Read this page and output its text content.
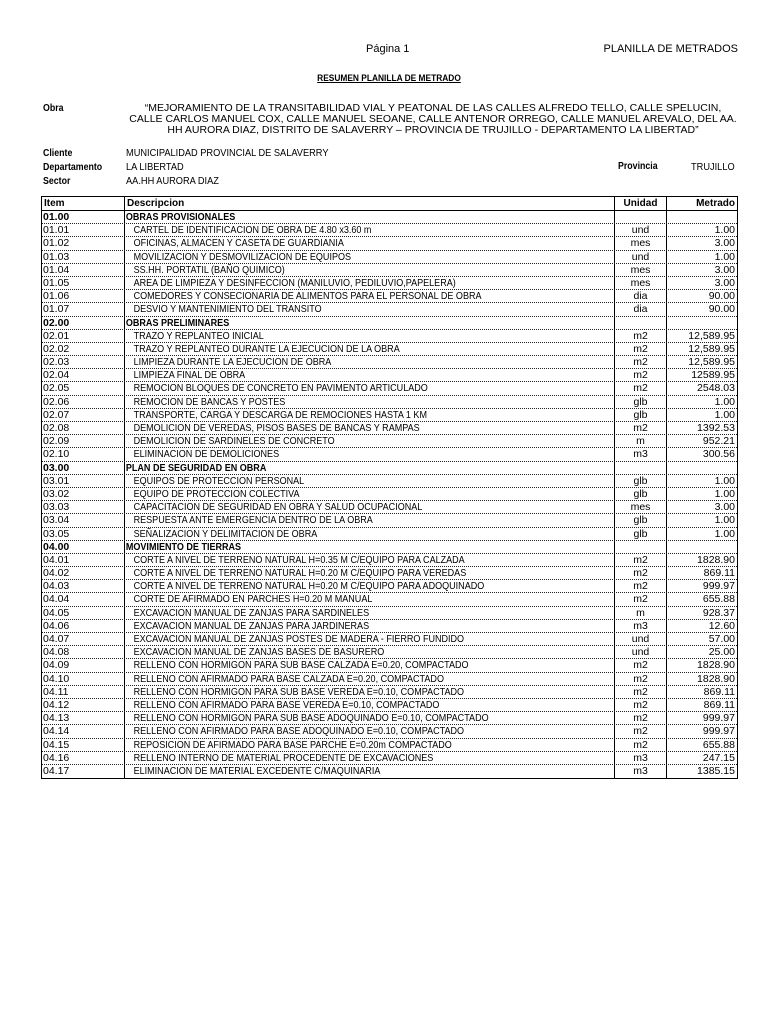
Página 1	PLANILLA DE METRADOS
RESUMEN PLANILLA DE METRADO
Obra	“MEJORAMIENTO DE LA TRANSITABILIDAD VIAL Y PEATONAL DE LAS CALLES ALFREDO TELLO, CALLE SPELUCIN, CALLE CARLOS MANUEL COX, CALLE MANUEL SEOANE, CALLE ANTENOR ORREGO, CALLE MANUEL AREVALO, DEL AA. HH AURORA DIAZ, DISTRITO DE SALAVERRY – PROVINCIA DE TRUJILLO - DEPARTAMENTO LA LIBERTAD”
Cliente	MUNICIPALIDAD PROVINCIAL DE SALAVERRY
Departamento LA LIBERTAD	Provincia	TRUJILLO
Sector	AA.HH AURORA DIAZ
Item	Descripcion	Unidad	Metrado
01.00	OBRAS PROVISIONALES
01.01	CARTEL DE IDENTIFICACION DE OBRA DE 4.80 x3.60 m	und	1.00
01.02	OFICINAS, ALMACEN Y CASETA DE GUARDIANIA	mes	3.00
01.03	MOVILIZACION Y DESMOVILIZACION DE EQUIPOS	und	1.00
01.04	SS.HH. PORTATIL (BAÑO QUIMICO)	mes	3.00
01.05	AREA DE LIMPIEZA Y DESINFECCION (MANILUVIO, PEDILUVIO,PAPELERA)	mes	3.00
01.06	COMEDORES Y CONSECIONARIA DE ALIMENTOS PARA EL PERSONAL DE OBRA	dia	90.00
01.07	DESVIO Y MANTENIMIENTO DEL TRANSITO	dia	90.00
02.00	OBRAS PRELIMINARES
02.01	TRAZO Y REPLANTEO INICIAL	m2	12,589.95
02.02	TRAZO Y REPLANTEO DURANTE LA EJECUCION DE LA OBRA	m2	12,589.95
02.03	LIMPIEZA DURANTE LA EJECUCION DE OBRA	m2	12,589.95
02.04	LIMPIEZA FINAL DE OBRA	m2	12589.95
02.05	REMOCION BLOQUES DE CONCRETO EN PAVIMENTO ARTICULADO	m2	2548.03
02.06	REMOCION DE BANCAS Y POSTES	glb	1.00
02.07	TRANSPORTE, CARGA Y DESCARGA DE REMOCIONES HASTA 1 KM	glb	1.00
02.08	DEMOLICION DE VEREDAS, PISOS BASES DE BANCAS Y RAMPAS	m2	1392.53
02.09	DEMOLICION DE SARDINELES DE CONCRETO	m	952.21
02.10	ELIMINACION DE DEMOLICIONES	m3	300.56
03.00	PLAN DE SEGURIDAD EN OBRA
03.01	EQUIPOS DE PROTECCION PERSONAL	glb	1.00
03.02	EQUIPO DE PROTECCION COLECTIVA	glb	1.00
03.03	CAPACITACION DE SEGURIDAD EN OBRA Y SALUD OCUPACIONAL	mes	3.00
03.04	RESPUESTA ANTE EMERGENCIA DENTRO DE LA OBRA	glb	1.00
03.05	SEÑALIZACION Y DELIMITACION DE OBRA	glb	1.00
04.00	MOVIMIENTO DE TIERRAS
04.01	CORTE A NIVEL DE TERRENO NATURAL H=0.35 M C/EQUIPO PARA CALZADA	m2	1828.90
04.02	CORTE A NIVEL DE TERRENO NATURAL H=0.20 M C/EQUIPO PARA VEREDAS	m2	869.11
04.03	CORTE A NIVEL DE TERRENO NATURAL H=0.20 M C/EQUIPO PARA ADOQUINADO	m2	999.97
04.04	CORTE DE AFIRMADO EN PARCHES H=0.20 M MANUAL	m2	655.88
04.05	EXCAVACION MANUAL DE ZANJAS PARA SARDINELES	m	928.37
04.06	EXCAVACION MANUAL DE ZANJAS PARA JARDINERAS	m3	12.60
04.07	EXCAVACION MANUAL DE ZANJAS POSTES DE MADERA - FIERRO FUNDIDO	und	57.00
04.08	EXCAVACION MANUAL DE ZANJAS BASES DE BASURERO	und	25.00
04.09	RELLENO CON HORMIGON PARA SUB BASE CALZADA E=0.20, COMPACTADO	m2	1828.90
04.10	RELLENO CON AFIRMADO PARA BASE CALZADA E=0.20, COMPACTADO	m2	1828.90
04.11	RELLENO CON HORMIGON PARA SUB BASE VEREDA E=0.10, COMPACTADO	m2	869.11
04.12	RELLENO CON AFIRMADO PARA BASE VEREDA E=0.10, COMPACTADO	m2	869.11
04.13	RELLENO CON HORMIGON PARA SUB BASE ADOQUINADO E=0.10, COMPACTADO	m2	999.97
04.14	RELLENO CON AFIRMADO PARA BASE ADOQUINADO E=0.10, COMPACTADO	m2	999.97
04.15	REPOSICION DE AFIRMADO PARA BASE PARCHE E=0.20m COMPACTADO	m2	655.88
04.16	RELLENO INTERNO DE MATERIAL PROCEDENTE DE EXCAVACIONES	m3	247.15
04.17	ELIMINACION DE MATERIAL EXCEDENTE C/MAQUINARIA	m3	1385.15
